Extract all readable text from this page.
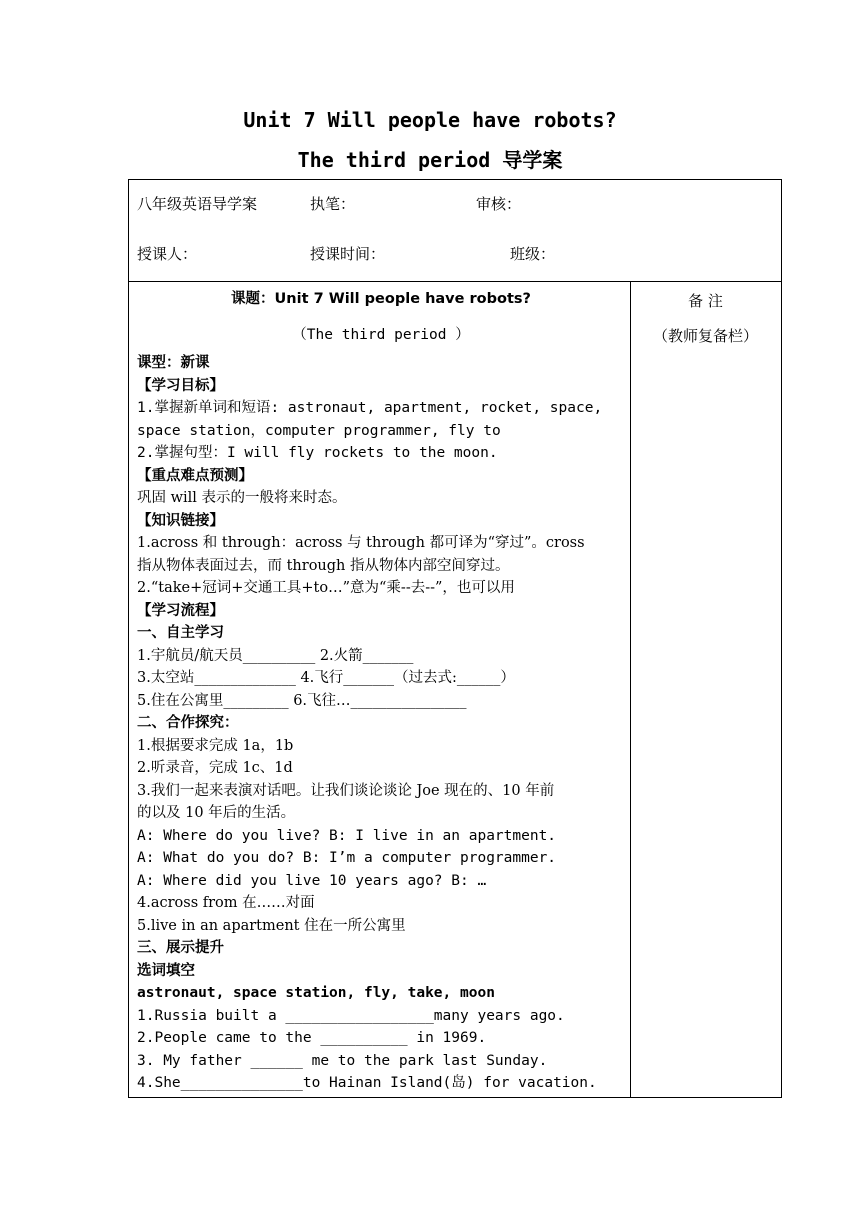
Unit 7 Will people have robots?
The third period 导学案
八年级英语导学案	执笔：	审核：
授课人：	授课时间：	班级：
备 注
（教师复备栏）
课题：Unit 7 Will people have robots?
（The third period ）
课型：新课
【学习目标】
1.掌握新单词和短语: astronaut, apartment, rocket, space,
space station，computer programmer, fly to
2.掌握句型：I will fly rockets to the moon.
【重点难点预测】
巩固 will 表示的一般将来时态。
【知识链接】
1.across 和 through：across 与 through 都可译为“穿过”。cross
指从物体表面过去，而 through 指从物体内部空间穿过。
2.“take+冠词+交通工具+to…”意为“乘--去--”，也可以用
【学习流程】
一、自主学习
1.宇航员/航天员__________ 2.火箭_______
3.太空站______________ 4.飞行_______（过去式:______）
5.住在公寓里_________ 6.飞往…________________
二、合作探究：
1.根据要求完成 1a，1b
2.听录音，完成 1c、1d
3.我们一起来表演对话吧。让我们谈论谈论 Joe 现在的、10 年前
的以及 10 年后的生活。
A: Where do you live? B: I live in an apartment.
A: What do you do? B: I’m a computer programmer.
A: Where did you live 10 years ago? B: …
4.across from 在……对面
5.live in an apartment 住在一所公寓里
三、展示提升
选词填空
astronaut, space station, fly, take, moon
1.Russia built a _________________many years ago.
2.People came to the __________ in 1969.
3. My father ______ me to the park last Sunday.
4.She______________to Hainan Island(岛) for vacation.
